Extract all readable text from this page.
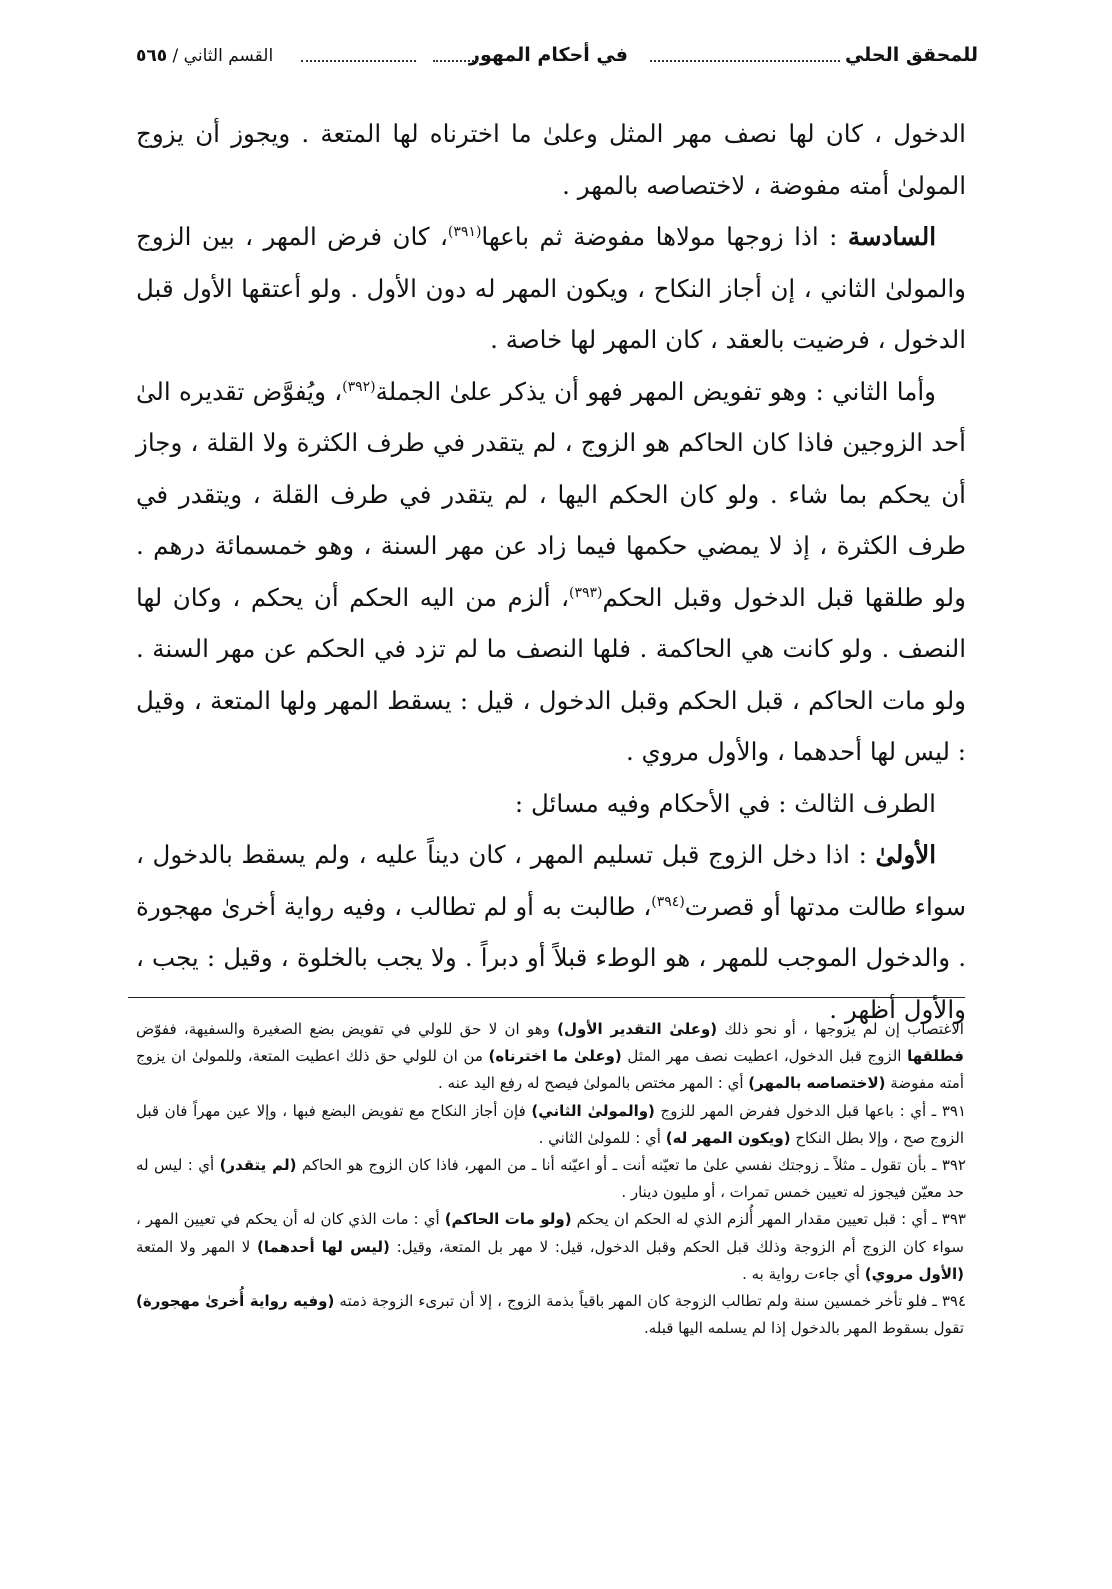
للمحقق الحلي
في أحكام المهور
القسم الثاني / ٥٦٥

الدخول ، كان لها نصف مهر المثل وعلىٰ ما اخترناه لها المتعة . ويجوز أن يزوج المولىٰ أمته مفوضة ، لاختصاصه بالمهر .

السادسة : اذا زوجها مولاها مفوضة ثم باعها$^{(٣٩١)}$، كان فرض المهر ، بين الزوج والمولىٰ الثاني ، إن أجاز النكاح ، ويكون المهر له دون الأول . ولو أعتقها الأول قبل الدخول ، فرضيت بالعقد ، كان المهر لها خاصة .

وأما الثاني : وهو تفويض المهر فهو أن يذكر علىٰ الجملة$^{(٣٩٢)}$، ويُفوَّض تقديره الىٰ أحد الزوجين فاذا كان الحاكم هو الزوج ، لم يتقدر في طرف الكثرة ولا القلة ، وجاز أن يحكم بما شاء . ولو كان الحكم اليها ، لم يتقدر في طرف القلة ، ويتقدر في طرف الكثرة ، إذ لا يمضي حكمها فيما زاد عن مهر السنة ، وهو خمسمائة درهم . ولو طلقها قبل الدخول وقبل الحكم$^{(٣٩٣)}$، ألزم من اليه الحكم أن يحكم ، وكان لها النصف . ولو كانت هي الحاكمة . فلها النصف ما لم تزد في الحكم عن مهر السنة . ولو مات الحاكم ، قبل الحكم وقبل الدخول ، قيل : يسقط المهر ولها المتعة ، وقيل : ليس لها أحدهما ، والأول مروي .

الطرف الثالث : في الأحكام وفيه مسائل :

الأولىٰ : اذا دخل الزوج قبل تسليم المهر ، كان ديناً عليه ، ولم يسقط بالدخول ، سواء طالت مدتها أو قصرت$^{(٣٩٤)}$، طالبت به أو لم تطالب ، وفيه رواية أخرىٰ مهجورة . والدخول الموجب للمهر ، هو الوطء قبلاً أو دبراً . ولا يجب بالخلوة ، وقيل : يجب ، والأول أظهر .

الاغتصاب إن لم يزوجها ، أو نحو ذلك (وعلىٰ التقدير الأول) وهو ان لا حق للولي في تفويض بضع الصغيرة والسفيهة، ففوّض فطلقها الزوج قبل الدخول، اعطيت نصف مهر المثل (وعلىٰ ما اخترناه) من ان للولي حق ذلك اعطيت المتعة، وللمولىٰ ان يزوج أمته مفوضة (لاختصاصه بالمهر) أي : المهر مختص بالمولىٰ فيصح له رفع اليد عنه .

٣٩١ ـ أي : باعها قبل الدخول ففرض المهر للزوج (والمولىٰ الثاني) فإن أجاز النكاح مع تفويض البضع فبها ، وإلا عين مهراً فان قبل الزوج صح ، وإلا بطل النكاح (ويكون المهر له) أي : للمولىٰ الثاني .

٣٩٢ ـ بأن تقول ـ مثلاً ـ زوجتك نفسي علىٰ ما تعيّنه أنت ـ أو اعيّنه أنا ـ من المهر، فاذا كان الزوج هو الحاكم (لم يتقدر) أي : ليس له حد معيّن فيجوز له تعيين خمس تمرات ، أو مليون دينار .

٣٩٣ ـ أي : قبل تعيين مقدار المهر أُلزم الذي له الحكم ان يحكم (ولو مات الحاكم) أي : مات الذي كان له أن يحكم في تعيين المهر ، سواء كان الزوج أم الزوجة وذلك قبل الحكم وقبل الدخول، قيل: لا مهر بل المتعة، وقيل: (ليس لها أحدهما) لا المهر ولا المتعة (الأول مروي) أي جاءت رواية به .

٣٩٤ ـ فلو تأخر خمسين سنة ولم تطالب الزوجة كان المهر باقياً بذمة الزوج ، إلا أن تبرىء الزوجة ذمته (وفيه رواية أُخرىٰ مهجورة) تقول بسقوط المهر بالدخول إذا لم يسلمه اليها قبله.
